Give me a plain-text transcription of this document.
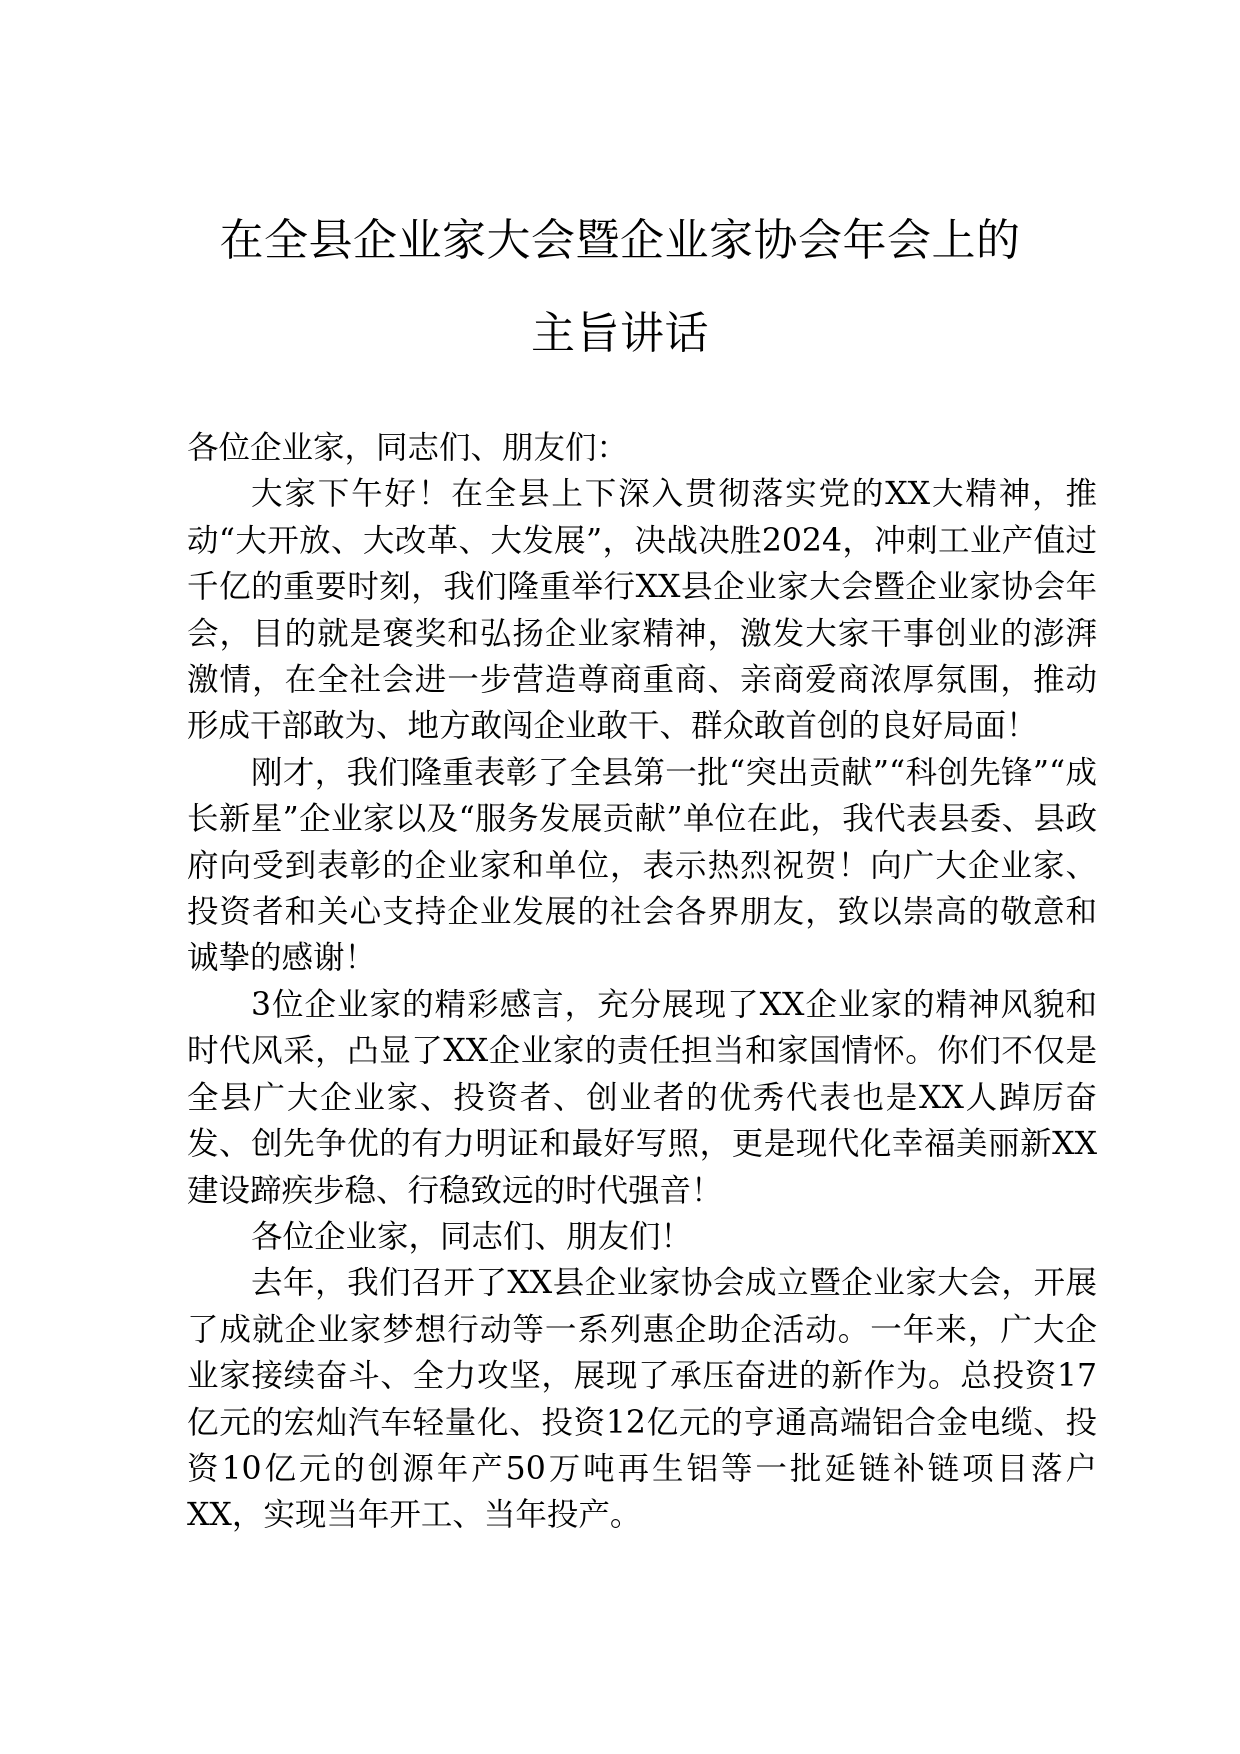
在全县企业家大会暨企业家协会年会上的
主旨讲话

各位企业家，同志们、朋友们：

大家下午好！在全县上下深入贯彻落实党的XX大精神，推动“大开放、大改革、大发展”，决战决胜2024，冲刺工业产值过千亿的重要时刻，我们隆重举行XX县企业家大会暨企业家协会年会，目的就是褒奖和弘扬企业家精神，激发大家干事创业的澎湃激情，在全社会进一步营造尊商重商、亲商爱商浓厚氛围，推动形成干部敢为、地方敢闯企业敢干、群众敢首创的良好局面！

刚才，我们隆重表彰了全县第一批“突出贡献”“科创先锋”“成长新星”企业家以及“服务发展贡献”单位在此，我代表县委、县政府向受到表彰的企业家和单位，表示热烈祝贺！向广大企业家、投资者和关心支持企业发展的社会各界朋友，致以崇高的敬意和诚挚的感谢！

3位企业家的精彩感言，充分展现了XX企业家的精神风貌和时代风采，凸显了XX企业家的责任担当和家国情怀。你们不仅是全县广大企业家、投资者、创业者的优秀代表也是XX人踔厉奋发、创先争优的有力明证和最好写照，更是现代化幸福美丽新XX建设蹄疾步稳、行稳致远的时代强音！

各位企业家，同志们、朋友们！

去年，我们召开了XX县企业家协会成立暨企业家大会，开展了成就企业家梦想行动等一系列惠企助企活动。一年来，广大企业家接续奋斗、全力攻坚，展现了承压奋进的新作为。总投资17亿元的宏灿汽车轻量化、投资12亿元的亨通高端铝合金电缆、投资10亿元的创源年产50万吨再生铝等一批延链补链项目落户XX，实现当年开工、当年投产。
